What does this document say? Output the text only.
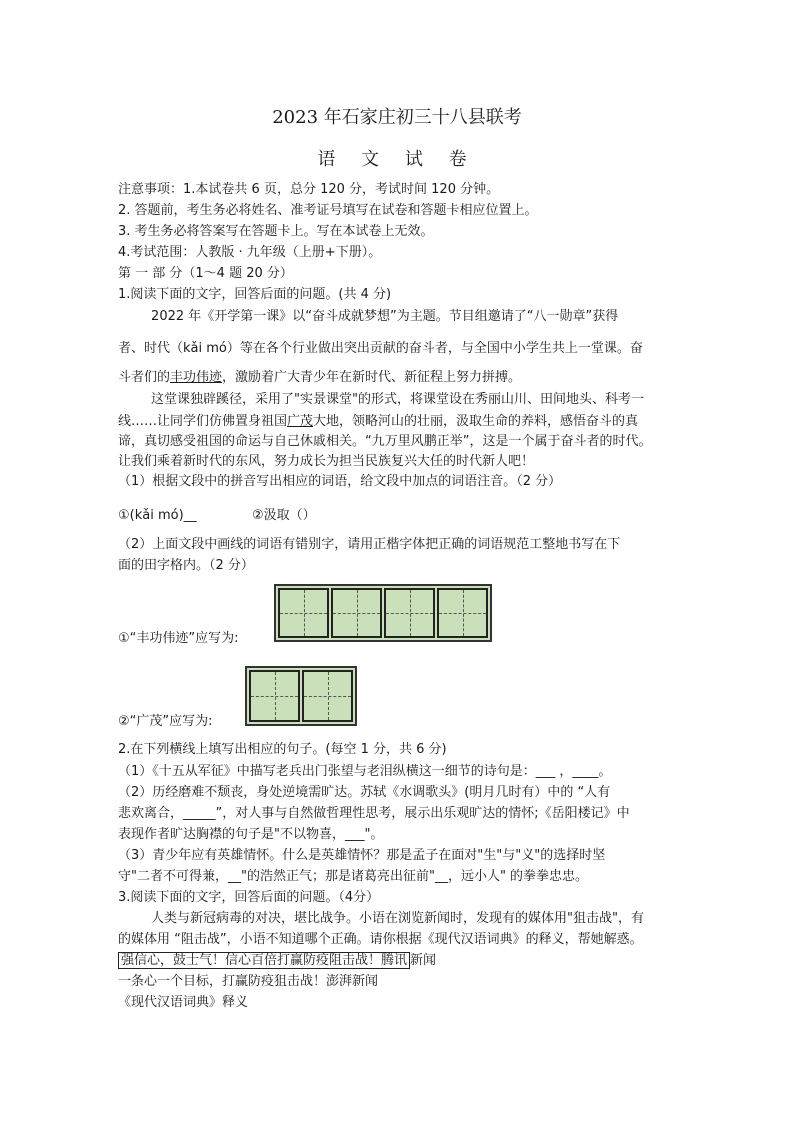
2023 年石家庄初三十八县联考
语 文 试 卷
注意事项：1.本试卷共 6 页，总分 120 分，考试时间 120 分钟。
2. 答题前，考生务必将姓名、准考证号填写在试卷和答题卡相应位置上。
3. 考生务必将答案写在答题卡上。写在本试卷上无效。
4.考试范围：人教版 · 九年级（上册+下册）。
第 一 部 分（1～4 题 20 分）
1.阅读下面的文字，回答后面的问题。(共 4 分)
2022 年《开学第一课》以“奋斗成就梦想”为主题。节目组邀请了“八一勋章”获得
者、时代（kǎi mó）等在各个行业做出突出贡献的奋斗者，与全国中小学生共上一堂课。奋
斗者们的丰功伟迹，激励着广大青少年在新时代、新征程上努力拼搏。
这堂课独辟蹊径，采用了"实景课堂"的形式，将课堂设在秀丽山川、田间地头、科考一
线……让同学们仿佛置身祖国广茂大地，领略河山的壮丽，汲取生命的养料，感悟奋斗的真
谛，真切感受祖国的命运与自己休戚相关。“九万里风鹏正举”，这是一个属于奋斗者的时代。
让我们乘着新时代的东风，努力成长为担当民族复兴大任的时代新人吧！
（1）根据文段中的拼音写出相应的词语，给文段中加点的词语注音。（2 分）
①(kǎi mó)__	②汲取（）
（2）上面文段中画线的词语有错别字，请用正楷字体把正确的词语规范工整地书写在下
面的田字格内。（2 分）
①“丰功伟迹”应写为:
②“广茂”应写为:
2.在下列横线上填写出相应的句子。(每空 1 分，共 6 分)
（1）《十五从军征》中描写老兵出门张望与老泪纵横这一细节的诗句是：___ ，____。
（2）历经磨难不颓丧，身处逆境需旷达。苏轼《水调歌头》(明月几时有）中的 “人有
悲欢离合，_____”，对人事与自然做哲理性思考，展示出乐观旷达的情怀;《岳阳楼记》中
表现作者旷达胸襟的句子是"不以物喜，___"。
（3）青少年应有英雄情怀。什么是英雄情怀？那是孟子在面对"生"与"义"的选择时坚
守"二者不可得兼，__"的浩然正气；那是诸葛亮出征前"__，远小人" 的拳拳忠忠。
3.阅读下面的文字，回答后面的问题。（4分）
人类与新冠病毒的对决，堪比战争。小语在浏览新闻时，发现有的媒体用"狙击战"，有
的媒体用 “阻击战”，小语不知道哪个正确。请你根据《现代汉语词典》的释义，帮她解惑。
强信心，鼓士气！信心百倍打赢防疫阻击战！腾讯 新闻
一条心一个目标，打赢防疫狙击战！澎湃新闻
《现代汉语词典》释义
